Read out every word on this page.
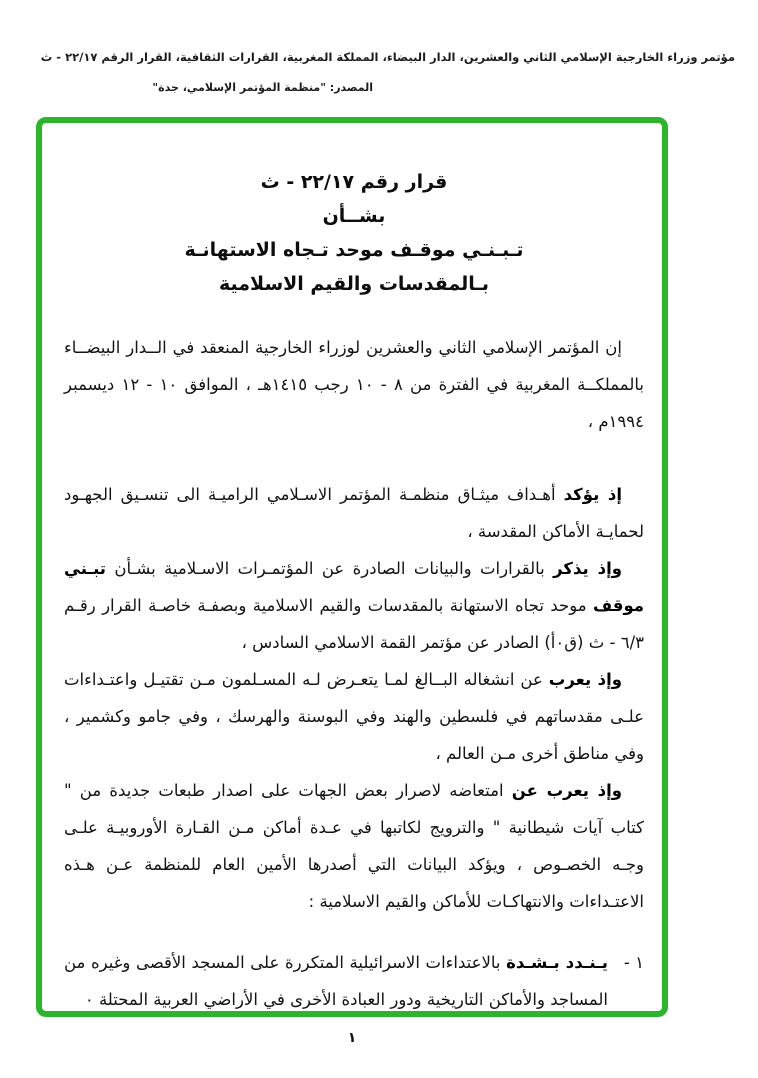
مؤتمر وزراء الخارجية الإسلامي الثاني والعشرين، الدار البيضاء، المملكة المغربية، القرارات الثقافية، القرار الرقم ٢٢/١٧ - ث
المصدر: "منظمة المؤتمر الإسلامي، جدة"
قرار رقم ٢٢/١٧ - ث
بشــأن
تـبـنـي موقـف موحد تـجاه الاستهانـة
بـالمقدسات والقيم الاسلامية

إن المؤتمر الإسلامي الثاني والعشرين لوزراء الخارجية المنعقد في الــدار البيضــاء بالمملكــة المغربية في الفترة من ٨ - ١٠ رجب ١٤١٥هـ ، الموافق ١٠ - ١٢ ديسمبر ١٩٩٤م ،

إذ يؤكد أهـداف ميثـاق منظمـة المؤتمر الاسـلامي الراميـة الى تنسـيق الجهـود لحمايـة الأماكن المقدسة ،

وإذ يذكر بالقرارات والبيانات الصادرة عن المؤتمـرات الاسـلامية بشـأن تبـني موقف موحد تجاه الاستهانة بالمقدسات والقيم الاسلامية وبصفـة خاصـة القرار رقـم ٦/٣ - ث (ق٠أ) الصادر عن مؤتمر القمة الاسلامي السادس ،

وإذ يعرب عن انشغاله البــالغ لمـا يتعـرض لـه المسـلمون مـن تقتيـل واعتـداءات علـى مقدساتهم في فلسطين والهند وفي البوسنة والهرسك ، وفي جامو وكشمير ، وفي مناطق أخرى مـن العالم ،

وإذ يعرب عن امتعاضه لاصرار بعض الجهات على اصدار طبعات جديدة من " كتاب آيات شيطانية " والترويج لكاتبها في عـدة أماكن مـن القـارة الأوروبيـة علـى وجـه الخصـوص ، ويؤكد البيانات التي أصدرها الأمين العام للمنظمة عـن هـذه الاعتـداءات والانتهاكـات للأماكن والقيم الاسلامية :

١ -
يـنـدد بـشـدة بالاعتداءات الاسرائيلية المتكررة على المسجد الأقصى وغيره من المساجد والأماكن التاريخية ودور العبادة الأخرى في الأراضي العربية المحتلة ٠
١
